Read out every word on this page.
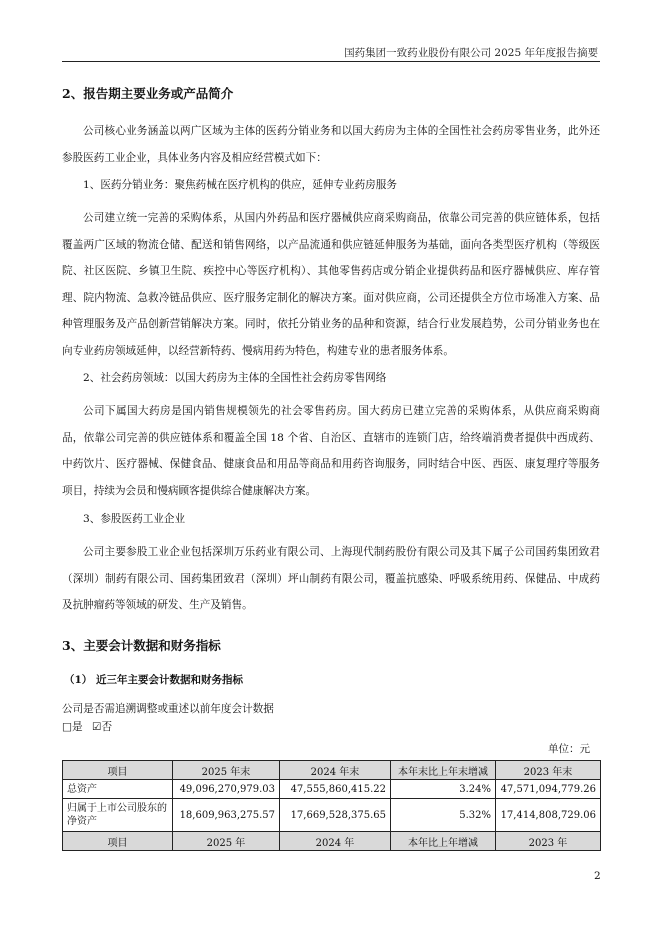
国药集团一致药业股份有限公司 2025 年年度报告摘要
2、报告期主要业务或产品简介

公司核心业务涵盖以两广区域为主体的医药分销业务和以国大药房为主体的全国性社会药房零售业务，此外还参股医药工业企业，具体业务内容及相应经营模式如下：

1、医药分销业务：聚焦药械在医疗机构的供应，延伸专业药房服务

公司建立统一完善的采购体系，从国内外药品和医疗器械供应商采购商品，依靠公司完善的供应链体系，包括覆盖两广区域的物流仓储、配送和销售网络，以产品流通和供应链延伸服务为基础，面向各类型医疗机构（等级医院、社区医院、乡镇卫生院、疾控中心等医疗机构）、其他零售药店或分销企业提供药品和医疗器械供应、库存管理、院内物流、急救冷链品供应、医疗服务定制化的解决方案。面对供应商，公司还提供全方位市场准入方案、品种管理服务及产品创新营销解决方案。同时，依托分销业务的品种和资源，结合行业发展趋势，公司分销业务也在向专业药房领域延伸，以经营新特药、慢病用药为特色，构建专业的患者服务体系。

2、社会药房领域：以国大药房为主体的全国性社会药房零售网络

公司下属国大药房是国内销售规模领先的社会零售药房。国大药房已建立完善的采购体系，从供应商采购商品，依靠公司完善的供应链体系和覆盖全国 18 个省、自治区、直辖市的连锁门店，给终端消费者提供中西成药、中药饮片、医疗器械、保健食品、健康食品和用品等商品和用药咨询服务，同时结合中医、西医、康复理疗等服务项目，持续为会员和慢病顾客提供综合健康解决方案。

3、参股医药工业企业

公司主要参股工业企业包括深圳万乐药业有限公司、上海现代制药股份有限公司及其下属子公司国药集团致君（深圳）制药有限公司、国药集团致君（深圳）坪山制药有限公司，覆盖抗感染、呼吸系统用药、保健品、中成药及抗肿瘤药等领域的研发、生产及销售。

3、主要会计数据和财务指标
（1） 近三年主要会计数据和财务指标
公司是否需追溯调整或重述以前年度会计数据
□是 ☑否
单位：元
项目	2025 年末	2024 年末	本年末比上年末增减	2023 年末
总资产	49,096,270,979.03	47,555,860,415.22	3.24%	47,571,094,779.26
归属于上市公司股东的净资产	18,609,963,275.57	17,669,528,375.65	5.32%	17,414,808,729.06
项目	2025 年	2024 年	本年比上年增减	2023 年
2
